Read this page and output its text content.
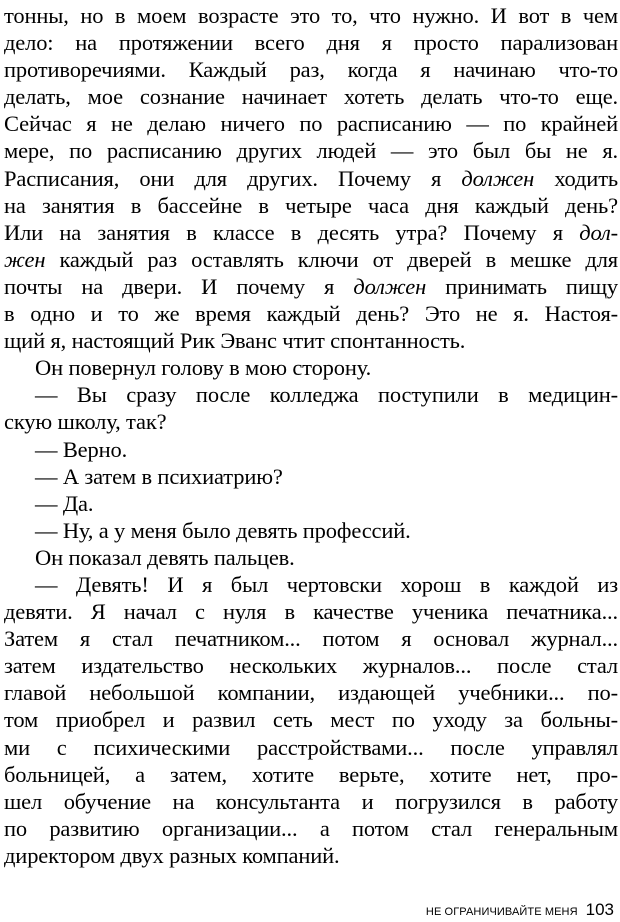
тонны, но в моем возрасте это то, что нужно. И вот в чем
дело: на протяжении всего дня я просто парализован
противоречиями. Каждый раз, когда я начинаю что-то
делать, мое сознание начинает хотеть делать что-то еще.
Сейчас я не делаю ничего по расписанию — по крайней
мере, по расписанию других людей — это был бы не я.
Расписания, они для других. Почему я должен ходить
на занятия в бассейне в четыре часа дня каждый день?
Или на занятия в классе в десять утра? Почему я дол-
жен каждый раз оставлять ключи от дверей в мешке для
почты на двери. И почему я должен принимать пищу
в одно и то же время каждый день? Это не я. Настоя-
щий я, настоящий Рик Эванс чтит спонтанность.
Он повернул голову в мою сторону.
— Вы сразу после колледжа поступили в медицин-
скую школу, так?
— Верно.
— А затем в психиатрию?
— Да.
— Ну, а у меня было девять профессий.
Он показал девять пальцев.
— Девять! И я был чертовски хорош в каждой из
девяти. Я начал с нуля в качестве ученика печатника...
Затем я стал печатником... потом я основал журнал...
затем издательство нескольких журналов... после стал
главой небольшой компании, издающей учебники... по-
том приобрел и развил сеть мест по уходу за больны-
ми с психическими расстройствами... после управлял
больницей, а затем, хотите верьте, хотите нет, про-
шел обучение на консультанта и погрузился в работу
по развитию организации... а потом стал генеральным
директором двух разных компаний.
НЕ ОГРАНИЧИВАЙТЕ МЕНЯ 103
